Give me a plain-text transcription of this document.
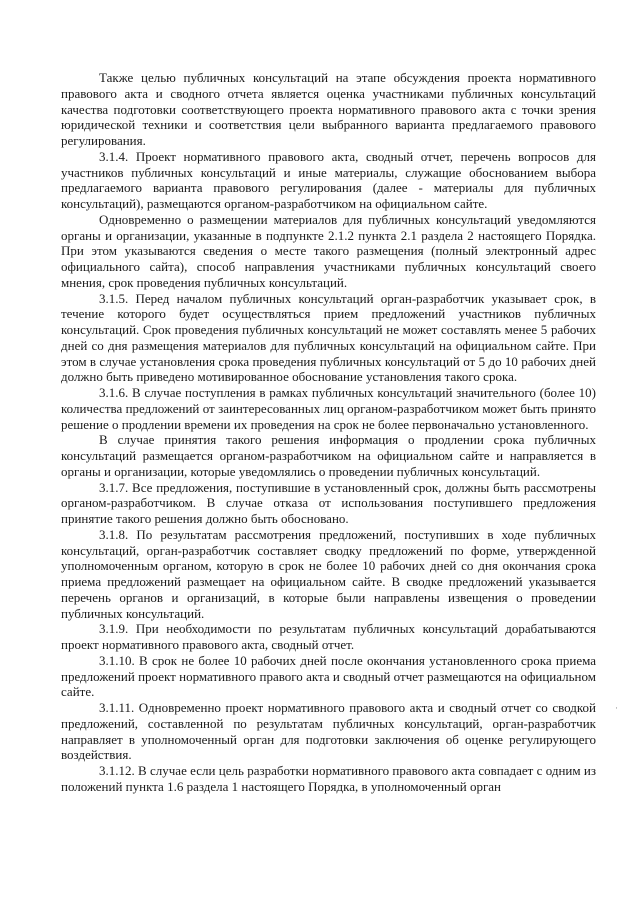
Также целью публичных консультаций на этапе обсуждения проекта нормативного правового акта и сводного отчета является оценка участниками публичных консультаций качества подготовки соответствующего проекта нормативного правового акта с точки зрения юридической техники и соответствия цели выбранного варианта предлагаемого правового регулирования.

3.1.4. Проект нормативного правового акта, сводный отчет, перечень вопросов для участников публичных консультаций и иные материалы, служащие обоснованием выбора предлагаемого варианта правового регулирования (далее - материалы для публичных консультаций), размещаются органом-разработчиком на официальном сайте.

Одновременно о размещении материалов для публичных консультаций уведомляются органы и организации, указанные в подпункте 2.1.2 пункта 2.1 раздела 2 настоящего Порядка. При этом указываются сведения о месте такого размещения (полный электронный адрес официального сайта), способ направления участниками публичных консультаций своего мнения, срок проведения публичных консультаций.

3.1.5. Перед началом публичных консультаций орган-разработчик указывает срок, в течение которого будет осуществляться прием предложений участников публичных консультаций. Срок проведения публичных консультаций не может составлять менее 5 рабочих дней со дня размещения материалов для публичных консультаций на официальном сайте. При этом в случае установления срока проведения публичных консультаций от 5 до 10 рабочих дней должно быть приведено мотивированное обоснование установления такого срока.

3.1.6. В случае поступления в рамках публичных консультаций значительного (более 10) количества предложений от заинтересованных лиц органом-разработчиком может быть принято решение о продлении времени их проведения на срок не более первоначально установленного.

В случае принятия такого решения информация о продлении срока публичных консультаций размещается органом-разработчиком на официальном сайте и направляется в органы и организации, которые уведомлялись о проведении публичных консультаций.

3.1.7. Все предложения, поступившие в установленный срок, должны быть рассмотрены органом-разработчиком. В случае отказа от использования поступившего предложения принятие такого решения должно быть обосновано.

3.1.8. По результатам рассмотрения предложений, поступивших в ходе публичных консультаций, орган-разработчик составляет сводку предложений по форме, утвержденной уполномоченным органом, которую в срок не более 10 рабочих дней со дня окончания срока приема предложений размещает на официальном сайте. В сводке предложений указывается перечень органов и организаций, в которые были направлены извещения о проведении публичных консультаций.

3.1.9. При необходимости по результатам публичных консультаций дорабатываются проект нормативного правового акта, сводный отчет.

3.1.10. В срок не более 10 рабочих дней после окончания установленного срока приема предложений проект нормативного правого акта и сводный отчет размещаются на официальном сайте.

3.1.11. Одновременно проект нормативного правового акта и сводный отчет со сводкой предложений, составленной по результатам публичных консультаций, орган-разработчик направляет в уполномоченный орган для подготовки заключения об оценке регулирующего воздействия.

3.1.12. В случае если цель разработки нормативного правового акта совпадает с одним из положений пункта 1.6 раздела 1 настоящего Порядка, в уполномоченный орган

·
